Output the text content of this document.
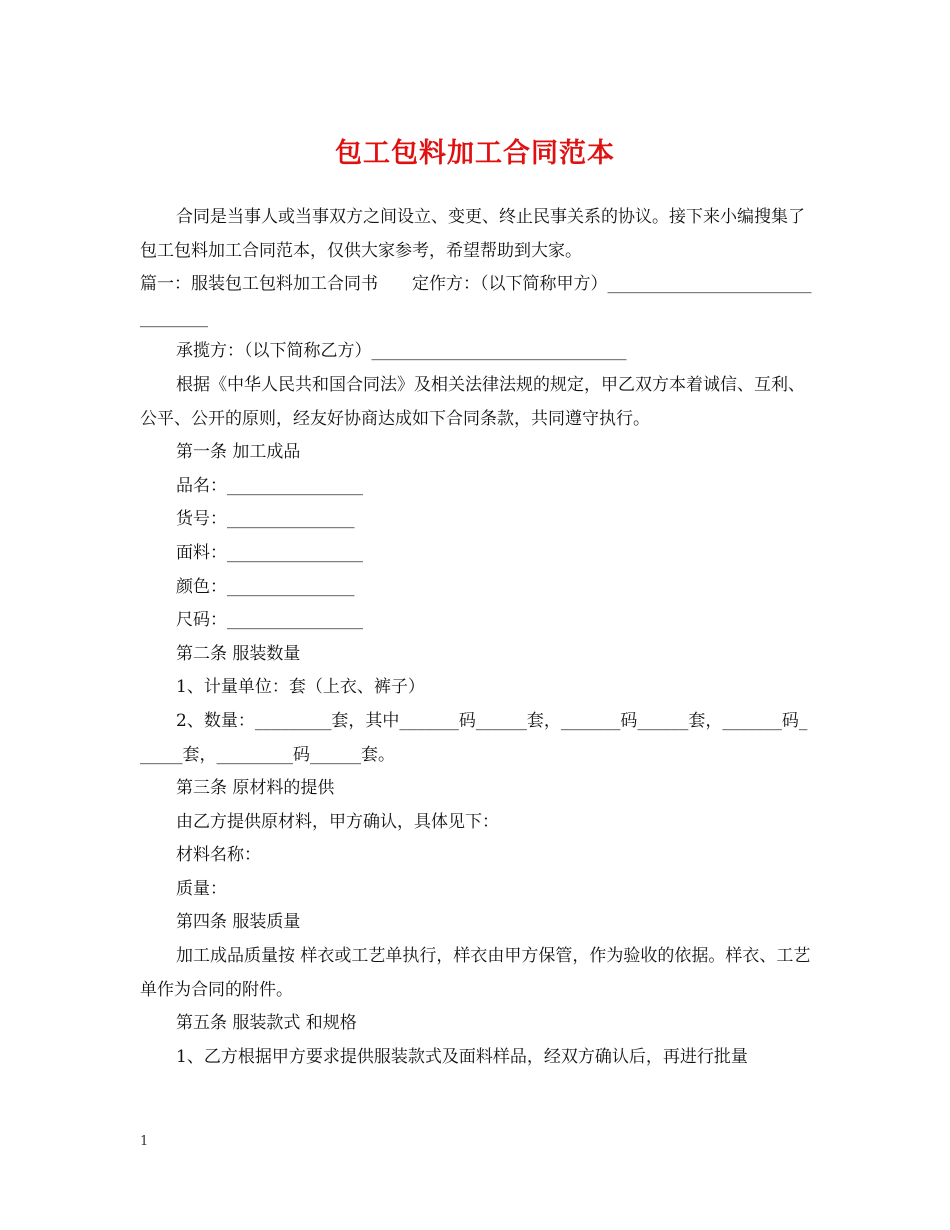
包工包料加工合同范本

合同是当事人或当事双方之间设立、变更、终止民事关系的协议。接下来小编搜集了包工包料加工合同范本，仅供大家参考，希望帮助到大家。

篇一：服装包工包料加工合同书　　定作方：（以下简称甲方）________________________________

承揽方：（以下简称乙方）______________________________

根据《中华人民共和国合同法》及相关法律法规的规定，甲乙双方本着诚信、互利、公平、公开的原则，经友好协商达成如下合同条款，共同遵守执行。

第一条 加工成品

品名：________________

货号：_______________

面料：________________

颜色：_______________

尺码：________________

第二条 服装数量

1、计量单位：套（上衣、裤子）

2、数量：_________套，其中_______码______套，_______码______套，_______码______套，_________码______套。

第三条 原材料的提供

由乙方提供原材料，甲方确认，具体见下：

材料名称：

质量：

第四条 服装质量

加工成品质量按 样衣或工艺单执行，样衣由甲方保管，作为验收的依据。样衣、工艺单作为合同的附件。

第五条 服装款式 和规格

1、乙方根据甲方要求提供服装款式及面料样品，经双方确认后，再进行批量

1
